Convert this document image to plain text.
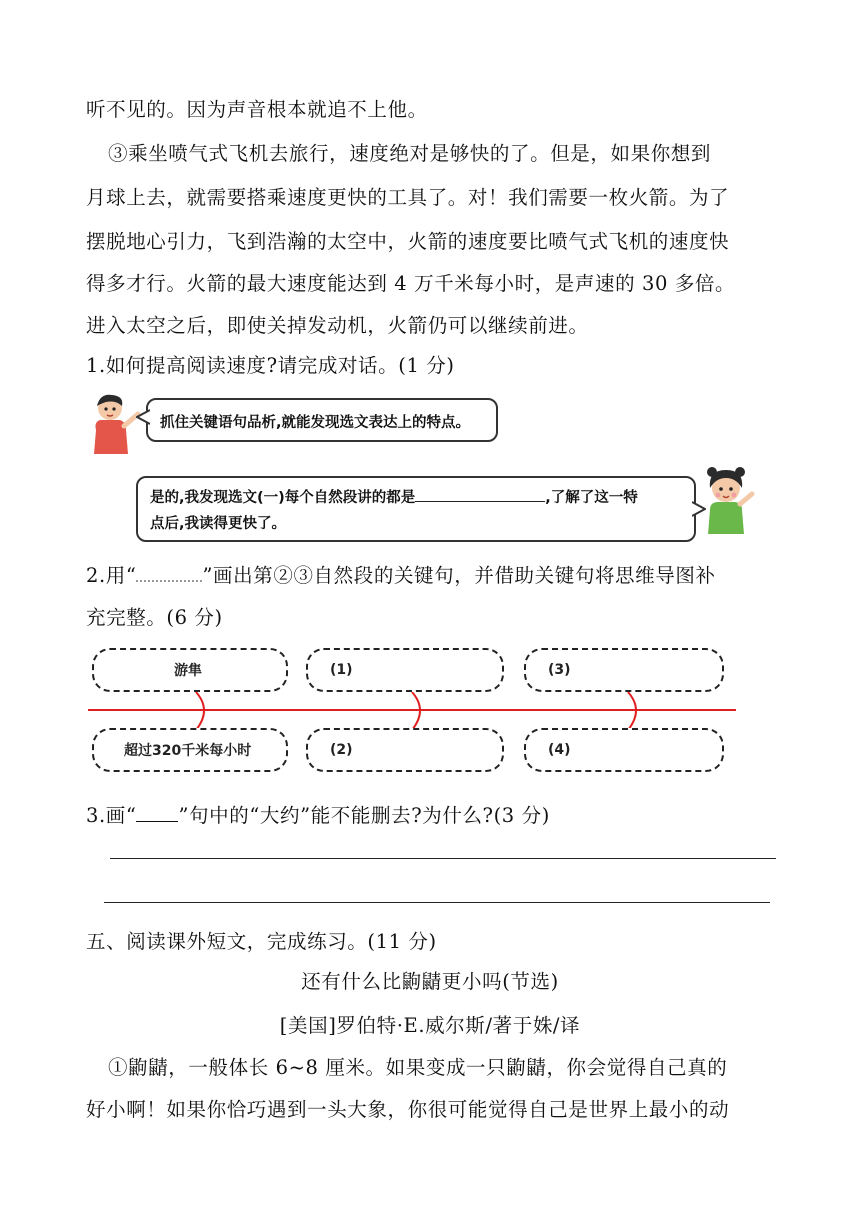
听不见的。因为声音根本就追不上他。
③乘坐喷气式飞机去旅行，速度绝对是够快的了。但是，如果你想到
月球上去，就需要搭乘速度更快的工具了。对！我们需要一枚火箭。为了
摆脱地心引力，飞到浩瀚的太空中，火箭的速度要比喷气式飞机的速度快
得多才行。火箭的最大速度能达到 4 万千米每小时，是声速的 30 多倍。
进入太空之后，即使关掉发动机，火箭仍可以继续前进。
1.如何提高阅读速度?请完成对话。(1 分)
抓住关键语句品析,就能发现选文表达上的特点。
是的,我发现选文(一)每个自然段讲的都是	,了解了这一特
点后,我读得更快了。
2.用“	”画出第②③自然段的关键句，并借助关键句将思维导图补
充完整。(6 分)
游隼	(1)	(3)
超过320千米每小时	(2)	(4)
3.画“ ”句中的“大约”能不能删去?为什么?(3 分)
五、阅读课外短文，完成练习。(11 分)
还有什么比鼩鼱更小吗(节选)
[美国]罗伯特·E.威尔斯/著于姝/译
①鼩鼱，一般体长 6~8 厘米。如果变成一只鼩鼱，你会觉得自己真的
好小啊！如果你恰巧遇到一头大象，你很可能觉得自己是世界上最小的动
